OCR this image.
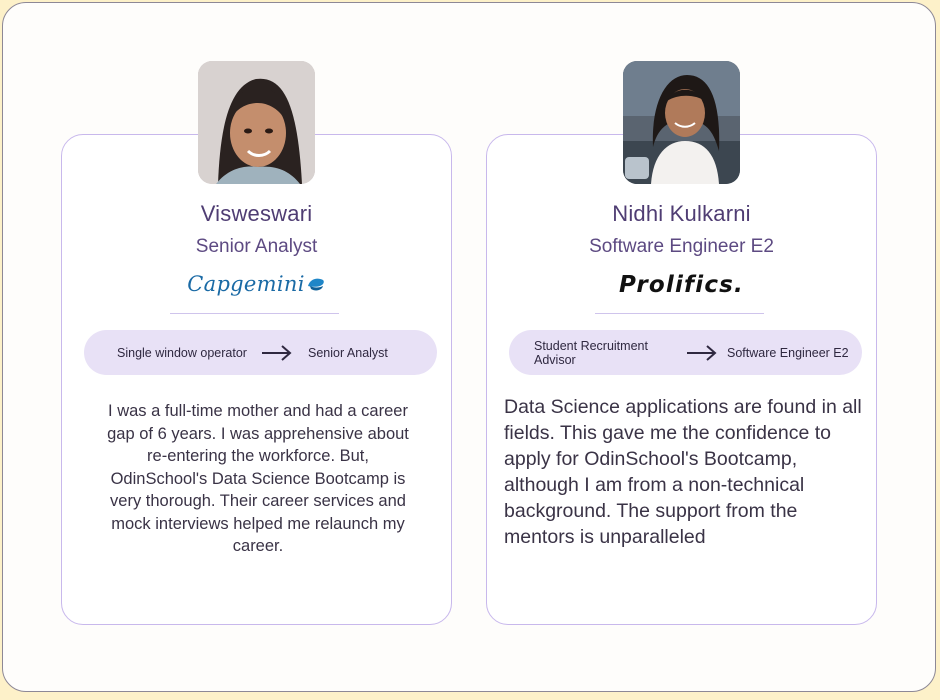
Visweswari
Senior Analyst
Capgemini
Single window operator	Senior Analyst
I was a full-time mother and had a career gap of 6 years. I was apprehensive about re-entering the workforce. But, OdinSchool's Data Science Bootcamp is very thorough. Their career services and mock interviews helped me relaunch my career.
Nidhi Kulkarni
Software Engineer E2
Prolifics.
Student Recruitment Advisor	Software Engineer E2
Data Science applications are found in all fields. This gave me the confidence to apply for OdinSchool's Bootcamp, although I am from a non-technical background. The support from the mentors is unparalleled
